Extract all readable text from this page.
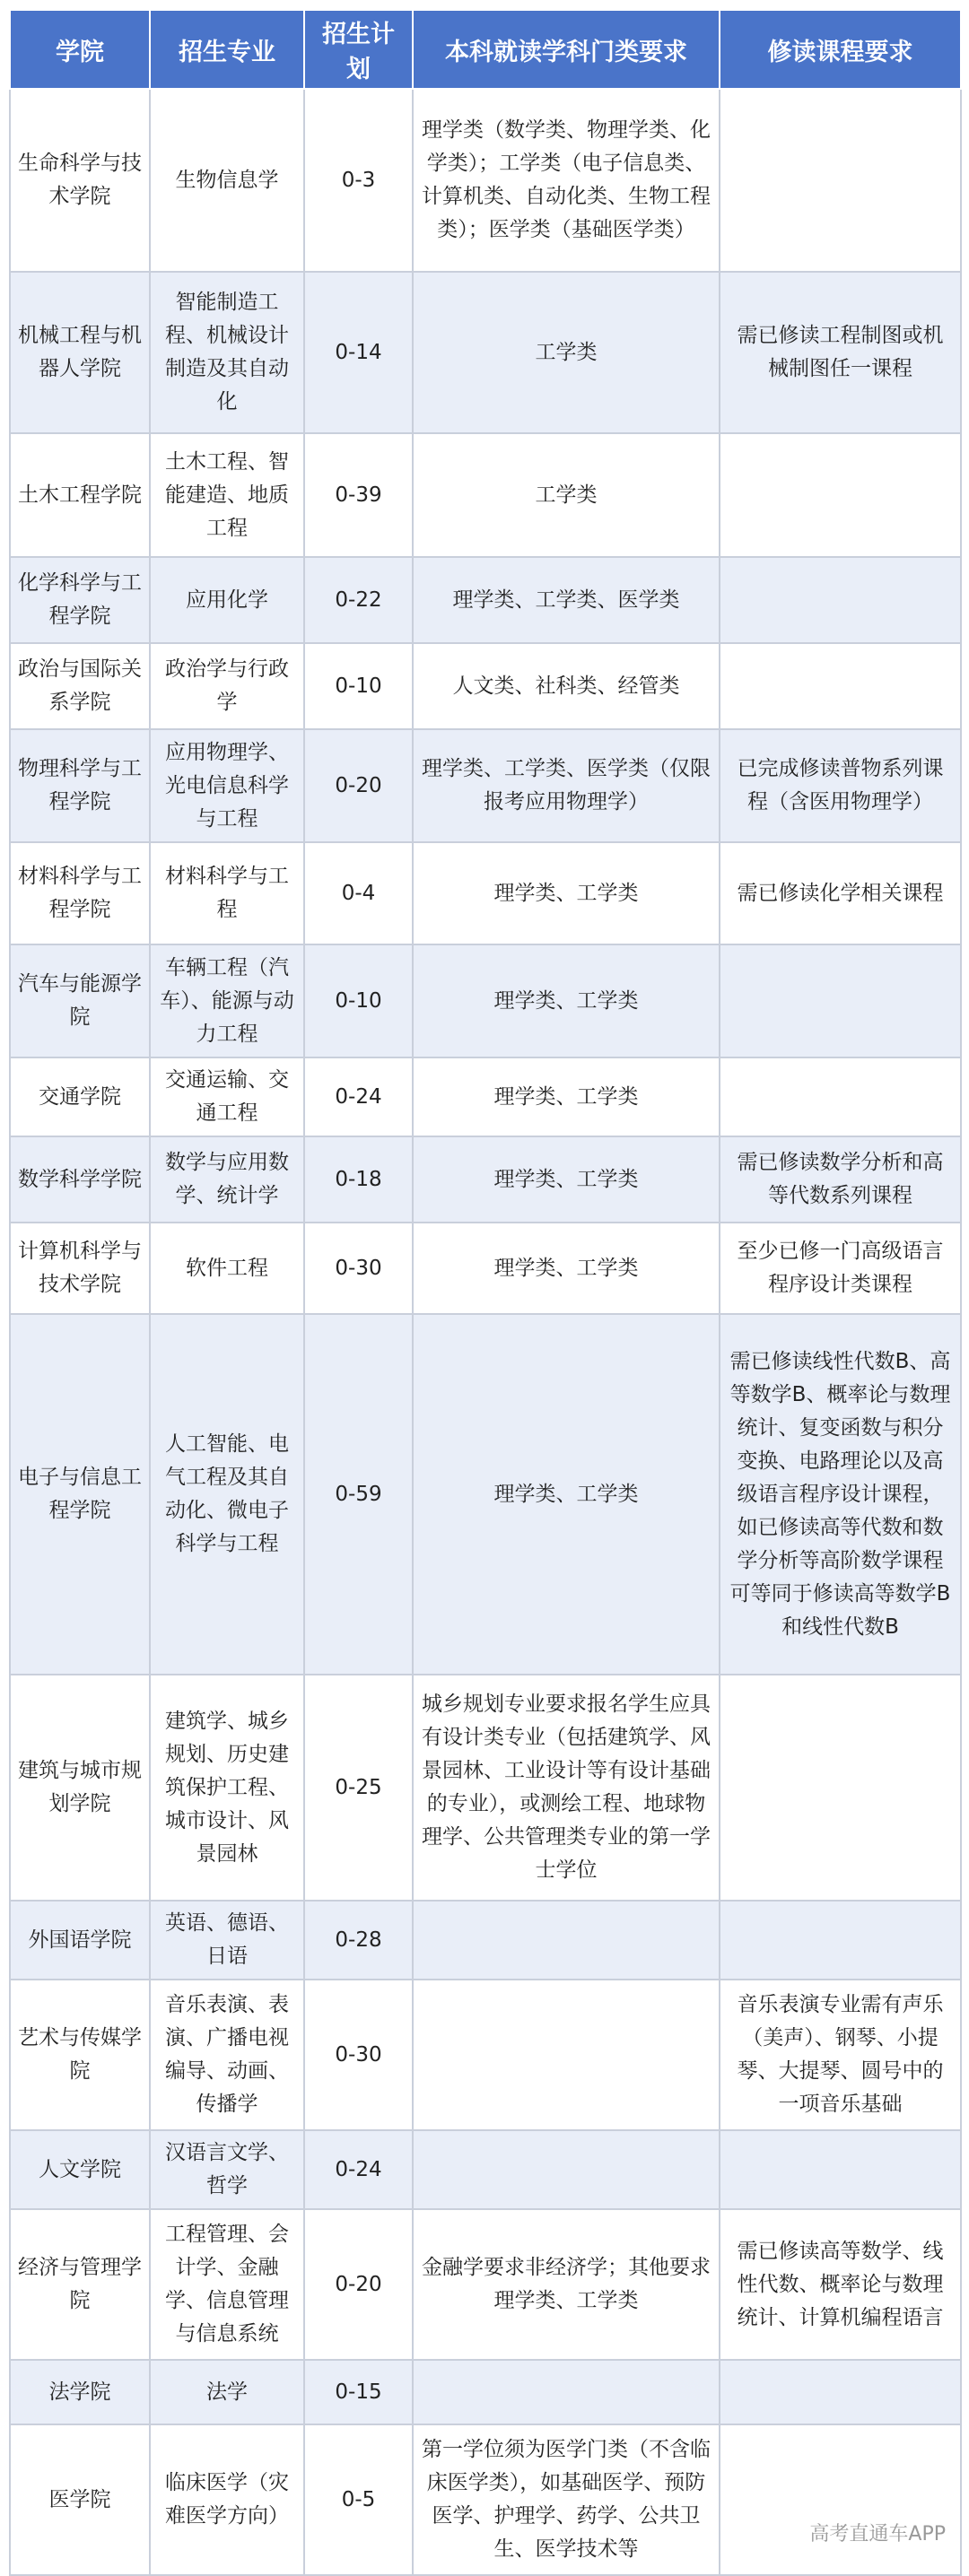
学院	招生专业	招生计划	本科就读学科门类要求	修读课程要求
生命科学与技术学院	生物信息学	0-3	理学类（数学类、物理学类、化学类）；工学类（电子信息类、计算机类、自动化类、生物工程类）；医学类（基础医学类）	
机械工程与机器人学院	智能制造工程、机械设计制造及其自动化	0-14	工学类	需已修读工程制图或机械制图任一课程
土木工程学院	土木工程、智能建造、地质工程	0-39	工学类	
化学科学与工程学院	应用化学	0-22	理学类、工学类、医学类	
政治与国际关系学院	政治学与行政学	0-10	人文类、社科类、经管类	
物理科学与工程学院	应用物理学、光电信息科学与工程	0-20	理学类、工学类、医学类（仅限报考应用物理学）	已完成修读普物系列课程（含医用物理学）
材料科学与工程学院	材料科学与工程	0-4	理学类、工学类	需已修读化学相关课程
汽车与能源学院	车辆工程（汽车）、能源与动力工程	0-10	理学类、工学类	
交通学院	交通运输、交通工程	0-24	理学类、工学类	
数学科学学院	数学与应用数学、统计学	0-18	理学类、工学类	需已修读数学分析和高等代数系列课程
计算机科学与技术学院	软件工程	0-30	理学类、工学类	至少已修一门高级语言程序设计类课程
电子与信息工程学院	人工智能、电气工程及其自动化、微电子科学与工程	0-59	理学类、工学类	需已修读线性代数B、高等数学B、概率论与数理统计、复变函数与积分变换、电路理论以及高级语言程序设计课程，如已修读高等代数和数学分析等高阶数学课程可等同于修读高等数学B和线性代数B
建筑与城市规划学院	建筑学、城乡规划、历史建筑保护工程、城市设计、风景园林	0-25	城乡规划专业要求报名学生应具有设计类专业（包括建筑学、风景园林、工业设计等有设计基础的专业），或测绘工程、地球物理学、公共管理类专业的第一学士学位	
外国语学院	英语、德语、日语	0-28		
艺术与传媒学院	音乐表演、表演、广播电视编导、动画、传播学	0-30		音乐表演专业需有声乐（美声）、钢琴、小提琴、大提琴、圆号中的一项音乐基础
人文学院	汉语言文学、哲学	0-24		
经济与管理学院	工程管理、会计学、金融学、信息管理与信息系统	0-20	金融学要求非经济学；其他要求理学类、工学类	需已修读高等数学、线性代数、概率论与数理统计、计算机编程语言
法学院	法学	0-15		
医学院	临床医学（灾难医学方向）	0-5	第一学位须为医学门类（不含临床医学类），如基础医学、预防医学、护理学、药学、公共卫生、医学技术等	
高考直通车APP
